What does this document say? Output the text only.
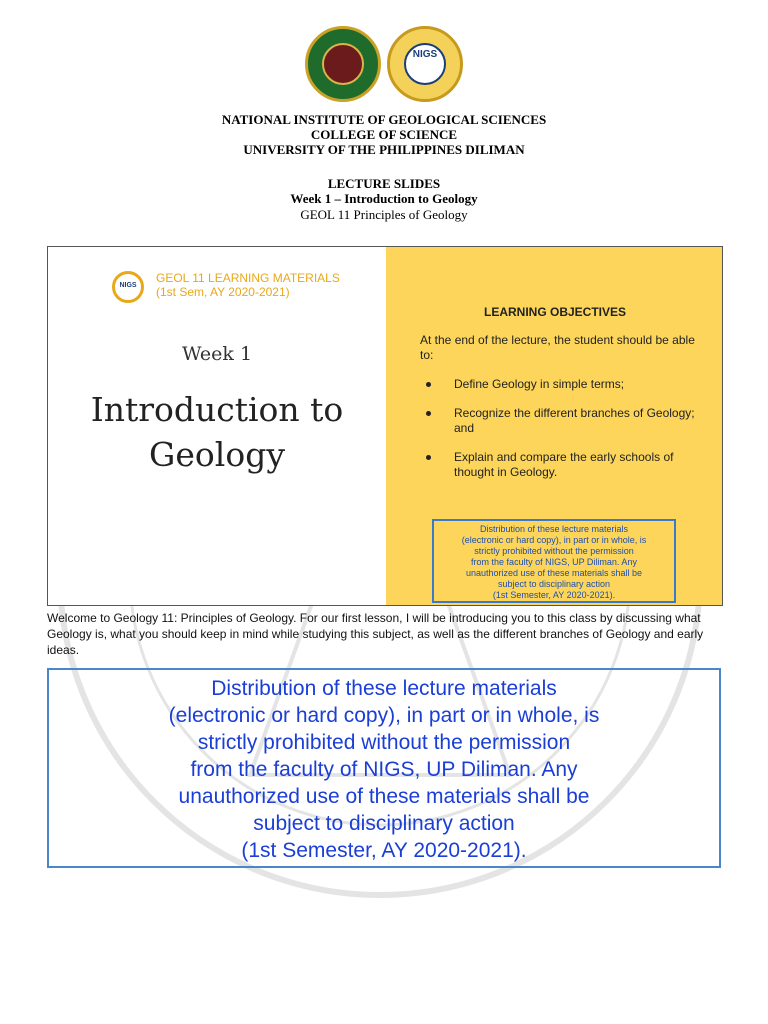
NIGS
NATIONAL INSTITUTE OF GEOLOGICAL SCIENCES
COLLEGE OF SCIENCE
UNIVERSITY OF THE PHILIPPINES DILIMAN
LECTURE SLIDES
Week 1 – Introduction to Geology
GEOL 11 Principles of Geology
NIGS
GEOL 11 LEARNING MATERIALS
(1st Sem, AY 2020-2021)
Week 1
Introduction to
Geology
LEARNING OBJECTIVES
At the end of the lecture, the student should be able to:
Define Geology in simple terms;
Recognize the different branches of Geology; and
Explain and compare the early schools of thought in Geology.
Distribution of these lecture materials
(electronic or hard copy), in part or in whole, is
strictly prohibited without the permission
from the faculty of NIGS, UP Diliman. Any
unauthorized use of these materials shall be
subject to disciplinary action
(1st Semester, AY 2020-2021).
Welcome to Geology 11: Principles of Geology. For our first lesson, I will be introducing you to this class by discussing what Geology is, what you should keep in mind while studying this subject, as well as the different branches of Geology and early ideas.
Distribution of these lecture materials
(electronic or hard copy), in part or in whole, is
strictly prohibited without the permission
from the faculty of NIGS, UP Diliman. Any
unauthorized use of these materials shall be
subject to disciplinary action
(1st Semester, AY 2020-2021).
